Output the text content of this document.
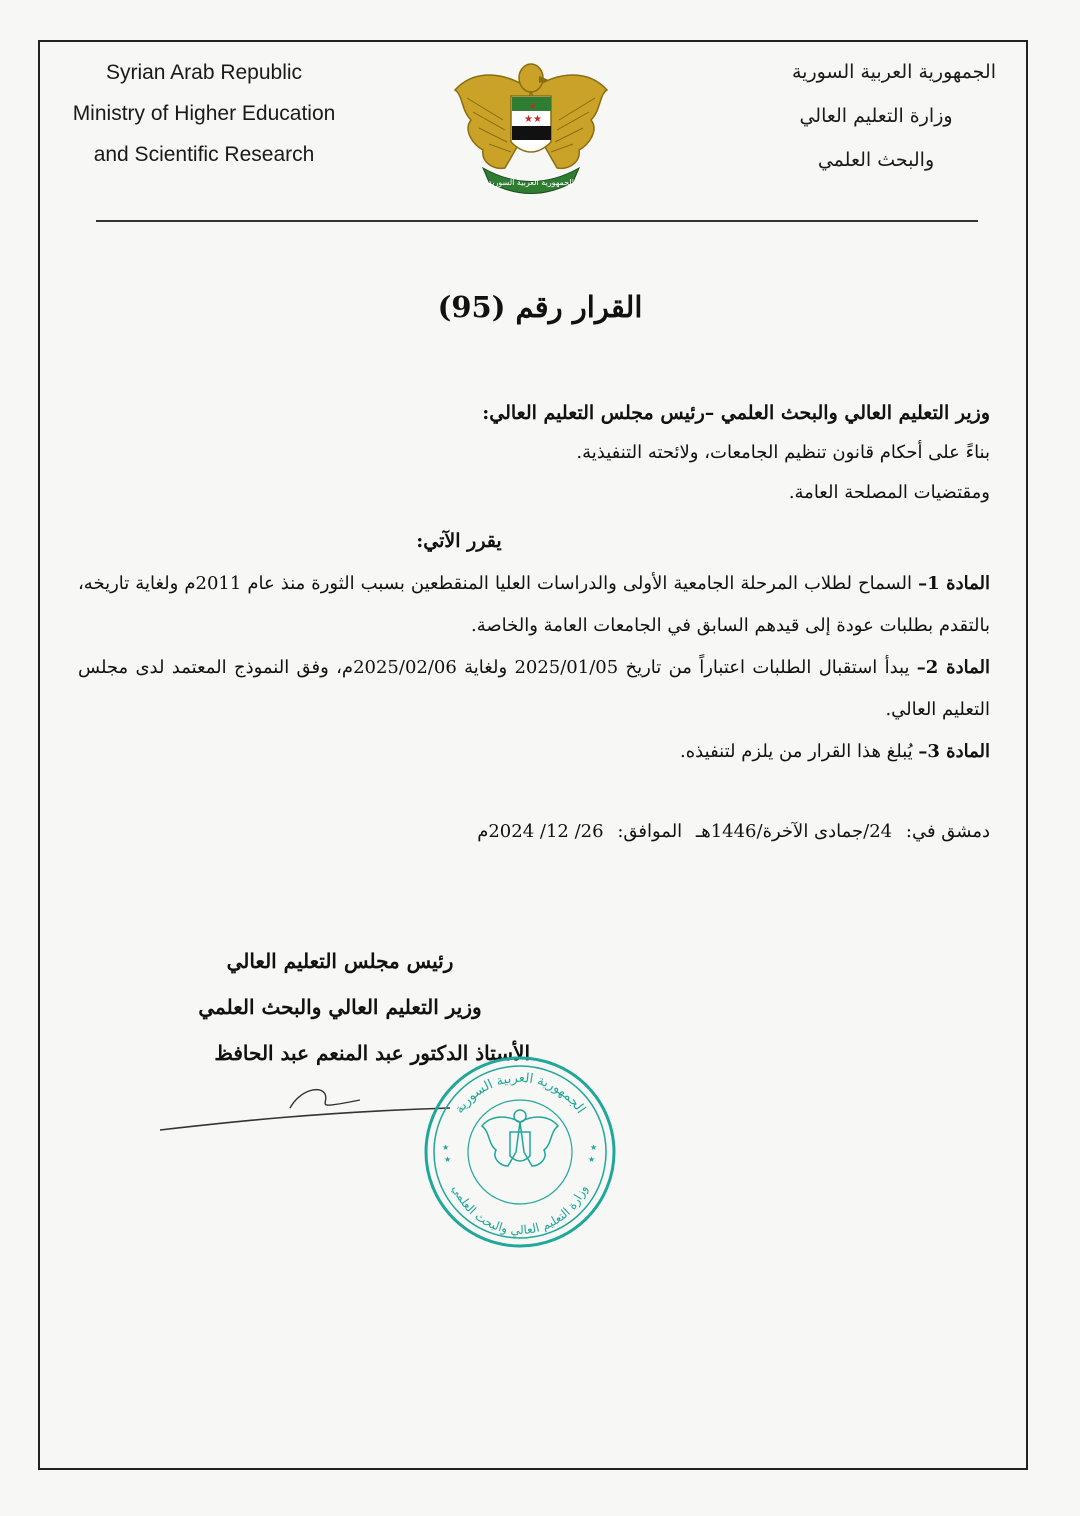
Syrian Arab Republic
Ministry of Higher Education
and Scientific Research
الجمهورية العربية السورية
وزارة التعليم العالي
والبحث العلمي
★ ★
★
الجمهورية العربية السورية
القرار رقم (95)
وزير التعليم العالي والبحث العلمي –رئيس مجلس التعليم العالي:
بناءً على أحكام قانون تنظيم الجامعات، ولائحته التنفيذية.
ومقتضيات المصلحة العامة.
يقرر الآتي:
المادة 1– السماح لطلاب المرحلة الجامعية الأولى والدراسات العليا المنقطعين بسبب الثورة منذ عام 2011م ولغاية تاريخه، بالتقدم بطلبات عودة إلى قيدهم السابق في الجامعات العامة والخاصة.
المادة 2– يبدأ استقبال الطلبات اعتباراً من تاريخ 2025/01/05 ولغاية 2025/02/06م، وفق النموذج المعتمد لدى مجلس التعليم العالي.
المادة 3– يُبلغ هذا القرار من يلزم لتنفيذه.
دمشق في: 24/جمادى الآخرة/1446هـ الموافق: 26/ 12/ 2024م
رئيس مجلس التعليم العالي
وزير التعليم العالي والبحث العلمي
الأستاذ الدكتور عبد المنعم عبد الحافظ
الجمهورية العربية السورية
وزارة التعليم العالي والبحث العلمي
★
★
★
★
